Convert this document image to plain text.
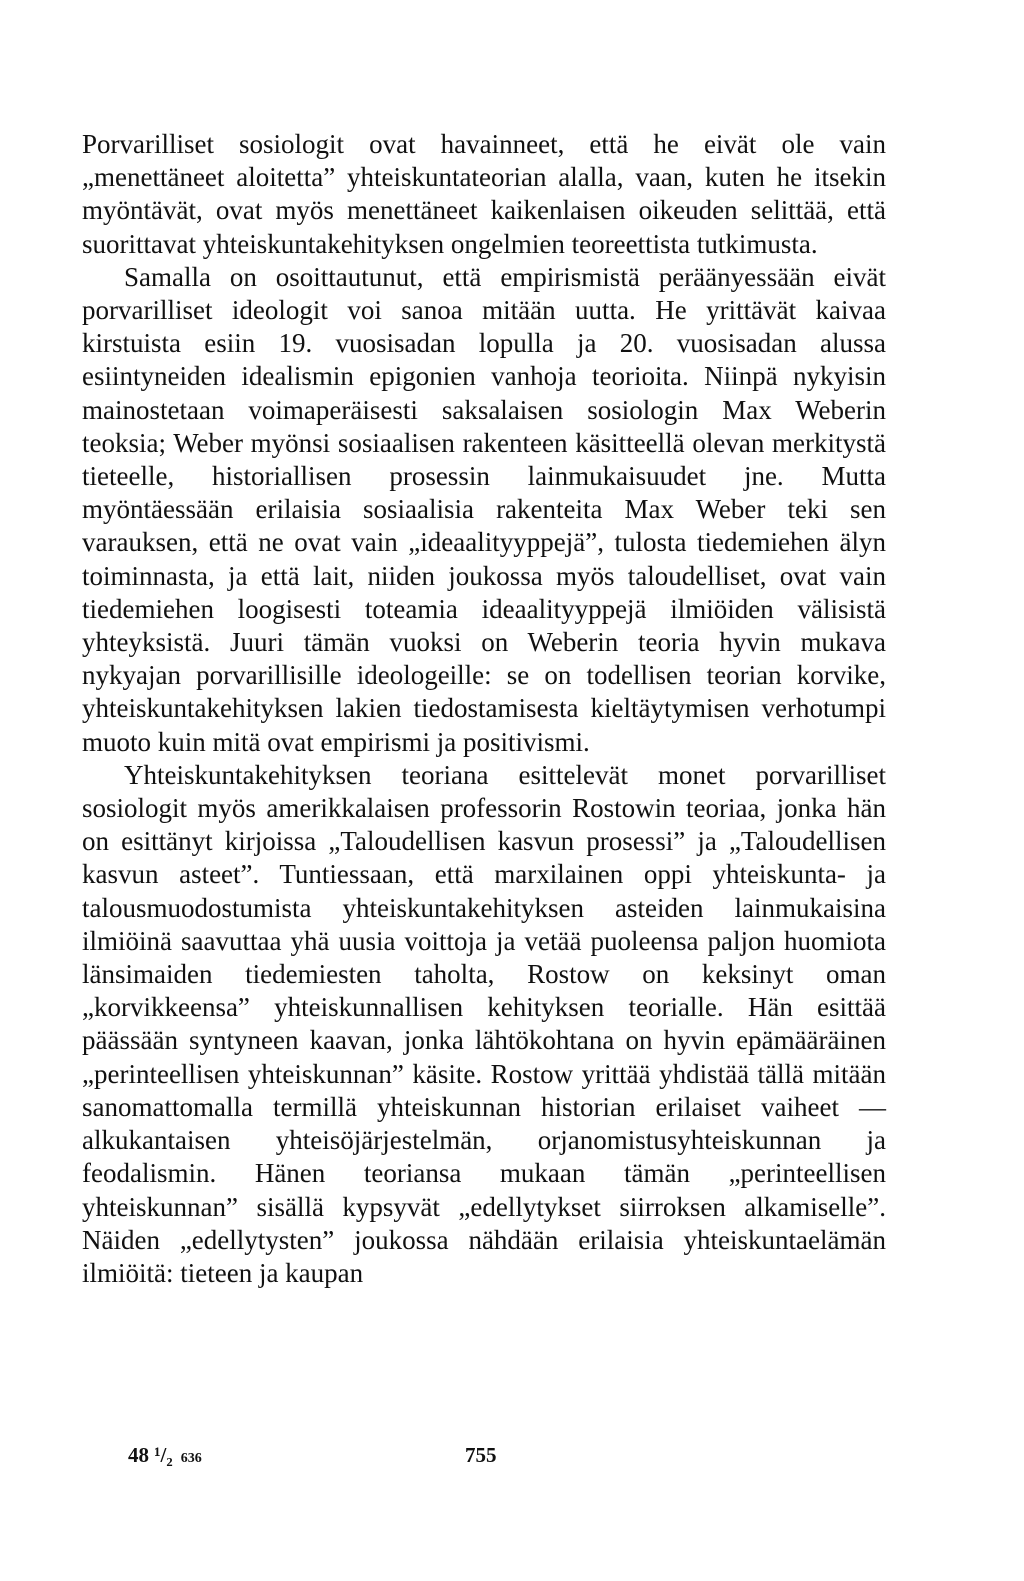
Porvarilliset sosiologit ovat havainneet, että he eivät ole vain „menettäneet aloitetta” yhteiskuntateorian alalla, vaan, kuten he itsekin myöntävät, ovat myös menettäneet kaikenlaisen oikeuden selittää, että suorittavat yhteiskuntakehityksen ongelmien teoreettista tutkimusta.

Samalla on osoittautunut, että empirismistä peräänyessään eivät porvarilliset ideologit voi sanoa mitään uutta. He yrittävät kaivaa kirstuista esiin 19. vuosisadan lopulla ja 20. vuosisadan alussa esiintyneiden idealismin epigonien vanhoja teorioita. Niinpä nykyisin mainostetaan voimaperäisesti saksalaisen sosiologin Max Weberin teoksia; Weber myönsi sosiaalisen rakenteen käsitteellä olevan merkitystä tieteelle, historiallisen prosessin lainmukaisuudet jne. Mutta myöntäessään erilaisia sosiaalisia rakenteita Max Weber teki sen varauksen, että ne ovat vain „ideaalityyppejä”, tulosta tiedemiehen älyn toiminnasta, ja että lait, niiden joukossa myös taloudelliset, ovat vain tiedemiehen loogisesti toteamia ideaalityyppejä ilmiöiden välisistä yhteyksistä. Juuri tämän vuoksi on Weberin teoria hyvin mukava nykyajan porvarillisille ideologeille: se on todellisen teorian korvike, yhteiskuntakehityksen lakien tiedostamisesta kieltäytymisen verhotumpi muoto kuin mitä ovat empirismi ja positivismi.

Yhteiskuntakehityksen teoriana esittelevät monet porvarilliset sosiologit myös amerikkalaisen professorin Rostowin teoriaa, jonka hän on esittänyt kirjoissa „Taloudellisen kasvun prosessi” ja „Taloudellisen kasvun asteet”. Tuntiessaan, että marxilainen oppi yhteiskunta- ja talousmuodostumista yhteiskuntakehityksen asteiden lainmukaisina ilmiöinä saavuttaa yhä uusia voittoja ja vetää puoleensa paljon huomiota länsimaiden tiedemiesten taholta, Rostow on keksinyt oman „korvikkeensa” yhteiskunnallisen kehityksen teorialle. Hän esittää päässään syntyneen kaavan, jonka lähtökohtana on hyvin epämääräinen „perinteellisen yhteiskunnan” käsite. Rostow yrittää yhdistää tällä mitään sanomattomalla termillä yhteiskunnan historian erilaiset vaiheet — alkukantaisen yhteisöjärjestelmän, orjanomistusyhteiskunnan ja feodalismin. Hänen teoriansa mukaan tämän „perinteellisen yhteiskunnan” sisällä kypsyvät „edellytykset siirroksen alkamiselle”. Näiden „edellytysten” joukossa nähdään erilaisia yhteiskuntaelämän ilmiöitä: tieteen ja kaupan

48 ¹/₂ 636	755
